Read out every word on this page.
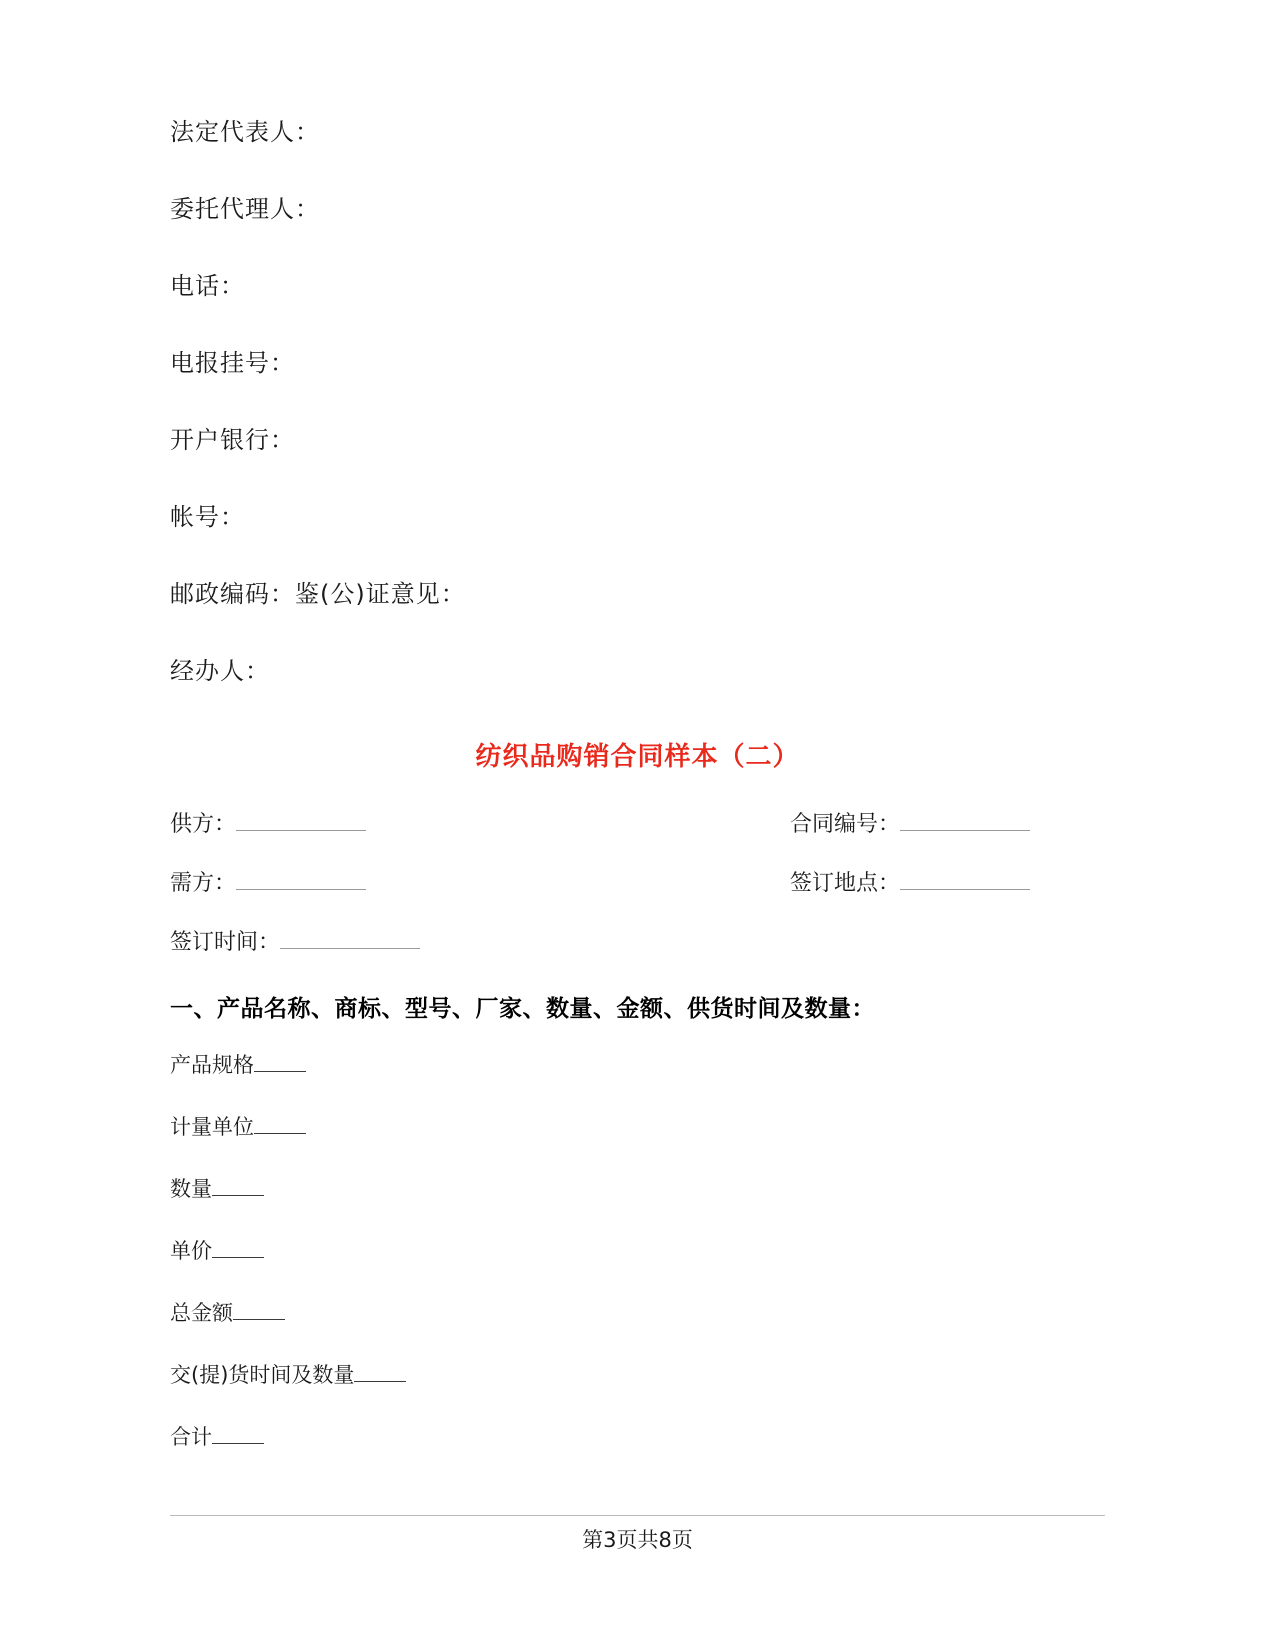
法定代表人：
委托代理人：
电话：
电报挂号：
开户银行：
帐号：
邮政编码：鉴(公)证意见：
经办人：
纺织品购销合同样本（二）
供方：	合同编号：
需方：	签订地点：
签订时间：
一、产品名称、商标、型号、厂家、数量、金额、供货时间及数量：
产品规格
计量单位
数量
单价
总金额
交(提)货时间及数量
合计
第3页共8页
